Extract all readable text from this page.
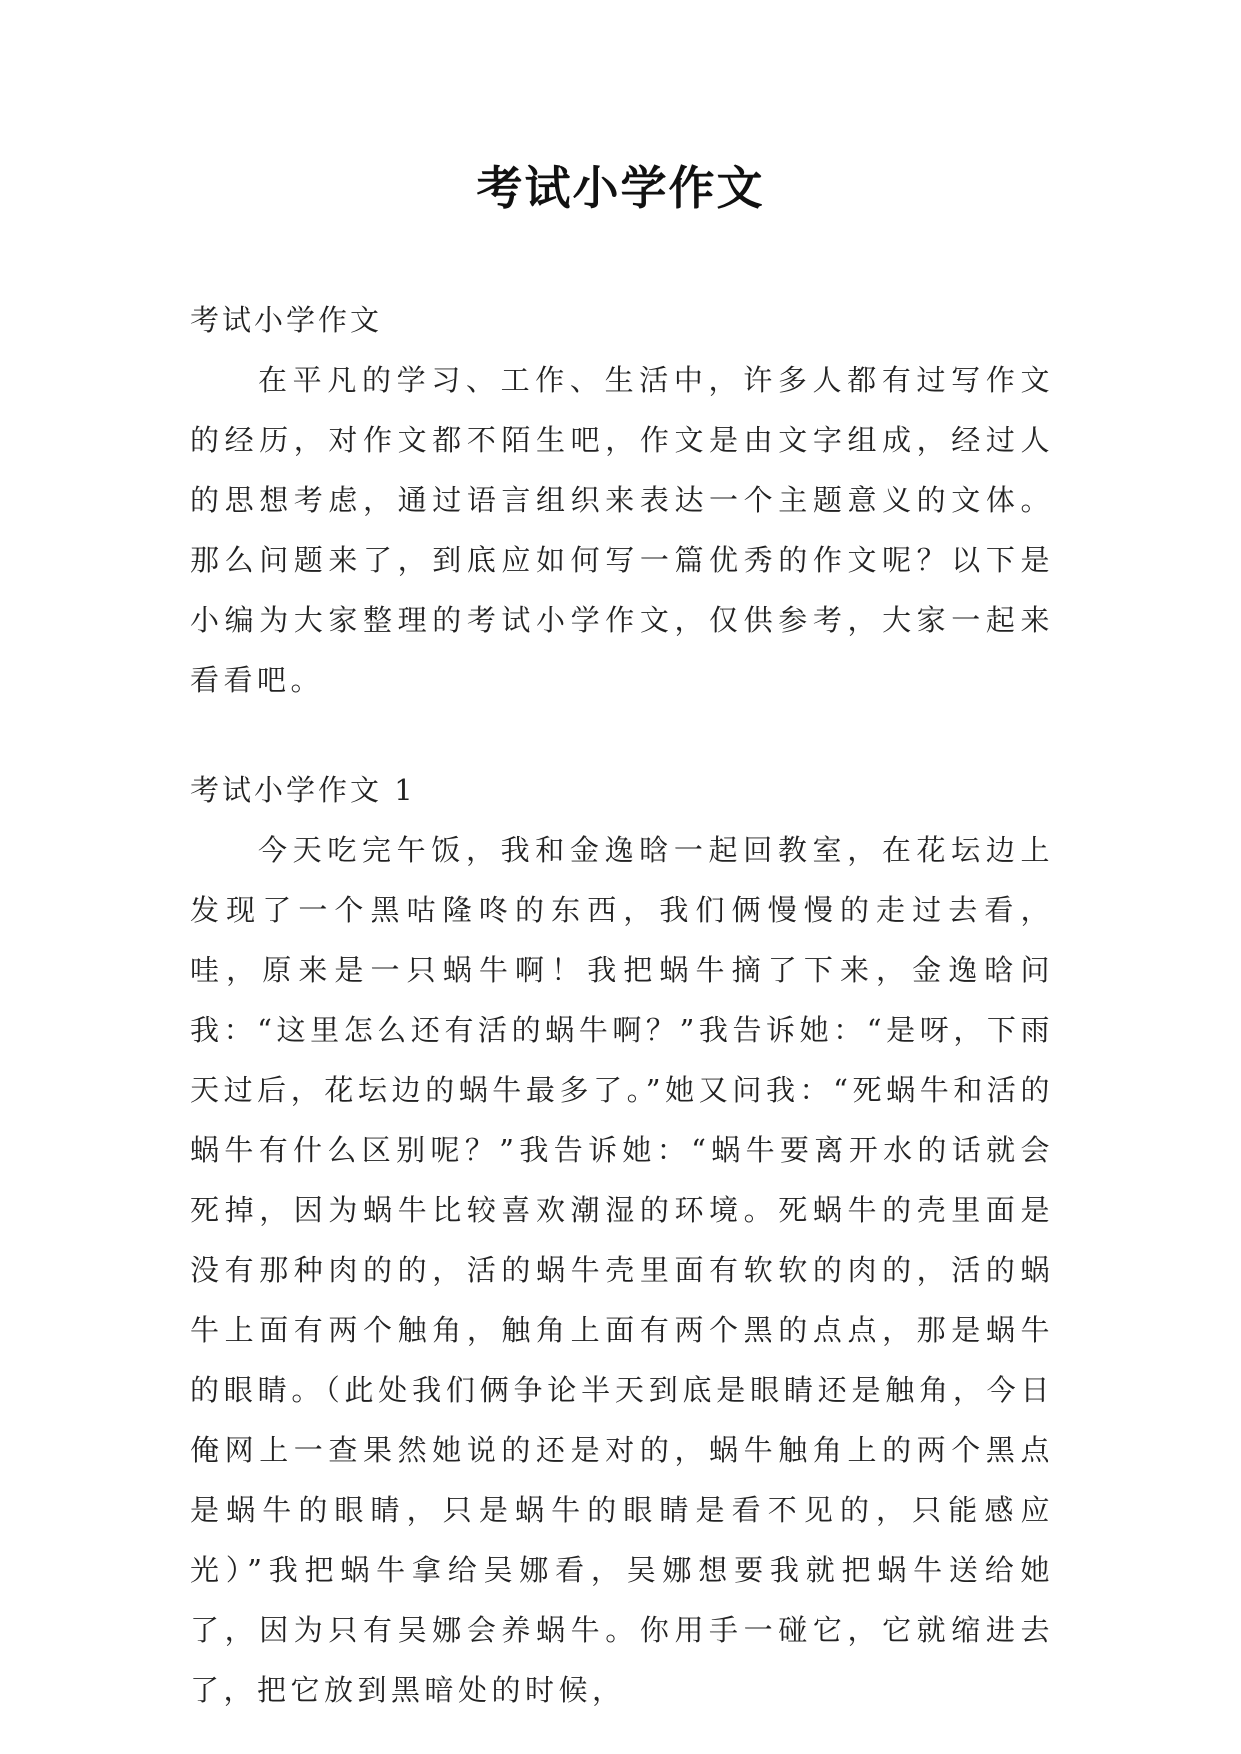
考试小学作文

考试小学作文

在平凡的学习、工作、生活中，许多人都有过写作文的经历，对作文都不陌生吧，作文是由文字组成，经过人的思想考虑，通过语言组织来表达一个主题意义的文体。那么问题来了，到底应如何写一篇优秀的作文呢？以下是小编为大家整理的考试小学作文，仅供参考，大家一起来看看吧。

考试小学作文 1

今天吃完午饭，我和金逸晗一起回教室，在花坛边上发现了一个黑咕隆咚的东西，我们俩慢慢的走过去看，哇，原来是一只蜗牛啊！我把蜗牛摘了下来，金逸晗问我：“这里怎么还有活的蜗牛啊？”我告诉她：“是呀，下雨天过后，花坛边的蜗牛最多了。”她又问我：“死蜗牛和活的蜗牛有什么区别呢？”我告诉她：“蜗牛要离开水的话就会死掉，因为蜗牛比较喜欢潮湿的环境。死蜗牛的壳里面是没有那种肉的的，活的蜗牛壳里面有软软的肉的，活的蜗牛上面有两个触角，触角上面有两个黑的点点，那是蜗牛的眼睛。（此处我们俩争论半天到底是眼睛还是触角，今日俺网上一查果然她说的还是对的，蜗牛触角上的两个黑点是蜗牛的眼睛，只是蜗牛的眼睛是看不见的，只能感应光）”我把蜗牛拿给吴娜看，吴娜想要我就把蜗牛送给她了，因为只有吴娜会养蜗牛。你用手一碰它，它就缩进去了，把它放到黑暗处的时候，
